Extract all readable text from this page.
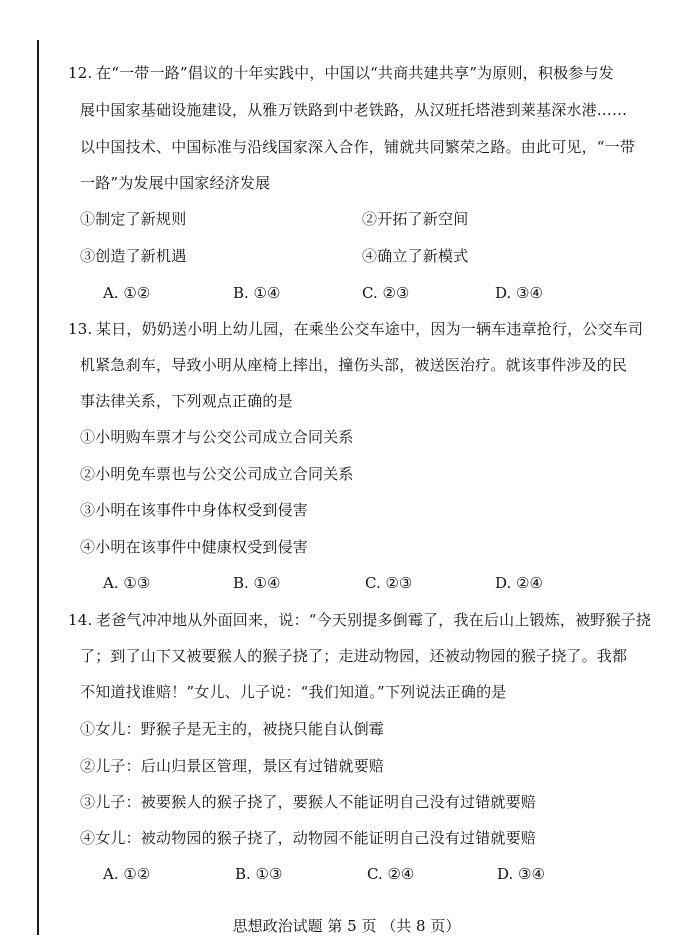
12. 在“一带一路”倡议的十年实践中，中国以“共商共建共享”为原则，积极参与发
展中国家基础设施建设，从雅万铁路到中老铁路，从汉班托塔港到莱基深水港……
以中国技术、中国标准与沿线国家深入合作，铺就共同繁荣之路。由此可见，“一带
一路”为发展中国家经济发展
①制定了新规则	②开拓了新空间
③创造了新机遇	④确立了新模式
A. ①②	B. ①④	C. ②③	D. ③④
13. 某日，奶奶送小明上幼儿园，在乘坐公交车途中，因为一辆车违章抢行，公交车司
机紧急刹车，导致小明从座椅上摔出，撞伤头部，被送医治疗。就该事件涉及的民
事法律关系，下列观点正确的是
①小明购车票才与公交公司成立合同关系
②小明免车票也与公交公司成立合同关系
③小明在该事件中身体权受到侵害
④小明在该事件中健康权受到侵害
A. ①③	B. ①④	C. ②③	D. ②④
14. 老爸气冲冲地从外面回来，说：“今天别提多倒霉了，我在后山上锻炼，被野猴子挠
了；到了山下又被要猴人的猴子挠了；走进动物园，还被动物园的猴子挠了。我都
不知道找谁赔！”女儿、儿子说：“我们知道。”下列说法正确的是
①女儿：野猴子是无主的，被挠只能自认倒霉
②儿子：后山归景区管理，景区有过错就要赔
③儿子：被要猴人的猴子挠了，要猴人不能证明自己没有过错就要赔
④女儿：被动物园的猴子挠了，动物园不能证明自己没有过错就要赔
A. ①②	B. ①③	C. ②④	D. ③④
思想政治试题 第 5 页 （共 8 页）
